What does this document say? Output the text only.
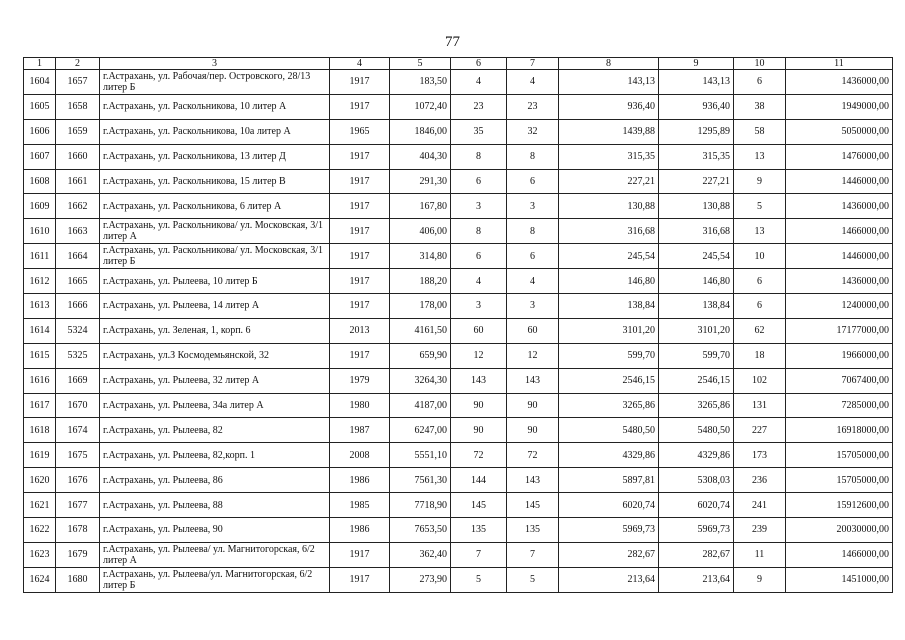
77
1	2	3	4	5	6	7	8	9	10	11
1604	1657	г.Астрахань, ул. Рабочая/пер. Островского, 28/13 литер Б	1917	183,50	4	4	143,13	143,13	6	1436000,00
1605	1658	г.Астрахань, ул. Раскольникова, 10 литер А	1917	1072,40	23	23	936,40	936,40	38	1949000,00
1606	1659	г.Астрахань, ул. Раскольникова, 10а литер А	1965	1846,00	35	32	1439,88	1295,89	58	5050000,00
1607	1660	г.Астрахань, ул. Раскольникова, 13 литер Д	1917	404,30	8	8	315,35	315,35	13	1476000,00
1608	1661	г.Астрахань, ул. Раскольникова, 15 литер В	1917	291,30	6	6	227,21	227,21	9	1446000,00
1609	1662	г.Астрахань, ул. Раскольникова, 6 литер А	1917	167,80	3	3	130,88	130,88	5	1436000,00
1610	1663	г.Астрахань, ул. Раскольникова/ ул. Московская, 3/1 литер А	1917	406,00	8	8	316,68	316,68	13	1466000,00
1611	1664	г.Астрахань, ул. Раскольникова/ ул. Московская, 3/1 литер Б	1917	314,80	6	6	245,54	245,54	10	1446000,00
1612	1665	г.Астрахань, ул. Рылеева, 10 литер Б	1917	188,20	4	4	146,80	146,80	6	1436000,00
1613	1666	г.Астрахань, ул. Рылеева, 14 литер А	1917	178,00	3	3	138,84	138,84	6	1240000,00
1614	5324	г.Астрахань, ул. Зеленая, 1, корп. 6	2013	4161,50	60	60	3101,20	3101,20	62	17177000,00
1615	5325	г.Астрахань, ул.З Космодемьянской, 32	1917	659,90	12	12	599,70	599,70	18	1966000,00
1616	1669	г.Астрахань, ул. Рылеева, 32 литер А	1979	3264,30	143	143	2546,15	2546,15	102	7067400,00
1617	1670	г.Астрахань, ул. Рылеева, 34а литер А	1980	4187,00	90	90	3265,86	3265,86	131	7285000,00
1618	1674	г.Астрахань, ул. Рылеева, 82	1987	6247,00	90	90	5480,50	5480,50	227	16918000,00
1619	1675	г.Астрахань, ул. Рылеева, 82,корп. 1	2008	5551,10	72	72	4329,86	4329,86	173	15705000,00
1620	1676	г.Астрахань, ул. Рылеева, 86	1986	7561,30	144	143	5897,81	5308,03	236	15705000,00
1621	1677	г.Астрахань, ул. Рылеева, 88	1985	7718,90	145	145	6020,74	6020,74	241	15912600,00
1622	1678	г.Астрахань, ул. Рылеева, 90	1986	7653,50	135	135	5969,73	5969,73	239	20030000,00
1623	1679	г.Астрахань, ул. Рылеева/ ул. Магнитогорская, 6/2 литер А	1917	362,40	7	7	282,67	282,67	11	1466000,00
1624	1680	г.Астрахань, ул. Рылеева/ул. Магнитогорская, 6/2 литер Б	1917	273,90	5	5	213,64	213,64	9	1451000,00
